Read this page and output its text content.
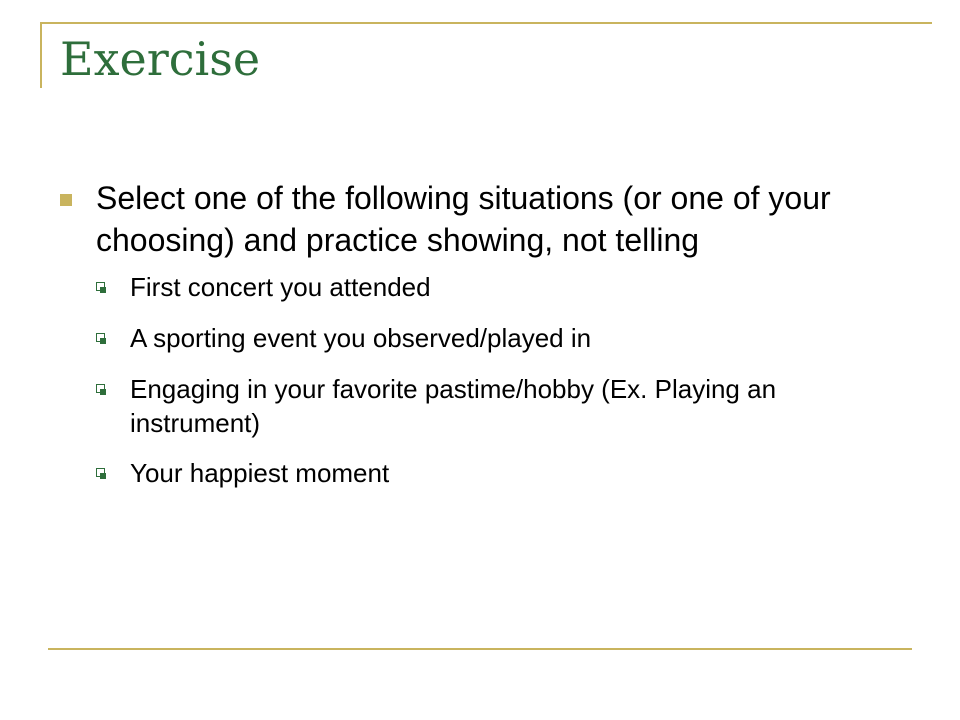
Exercise
Select one of the following situations (or one of your choosing) and practice showing, not telling
First concert you attended
A sporting event you observed/played in
Engaging in your favorite pastime/hobby (Ex. Playing an instrument)
Your happiest moment
